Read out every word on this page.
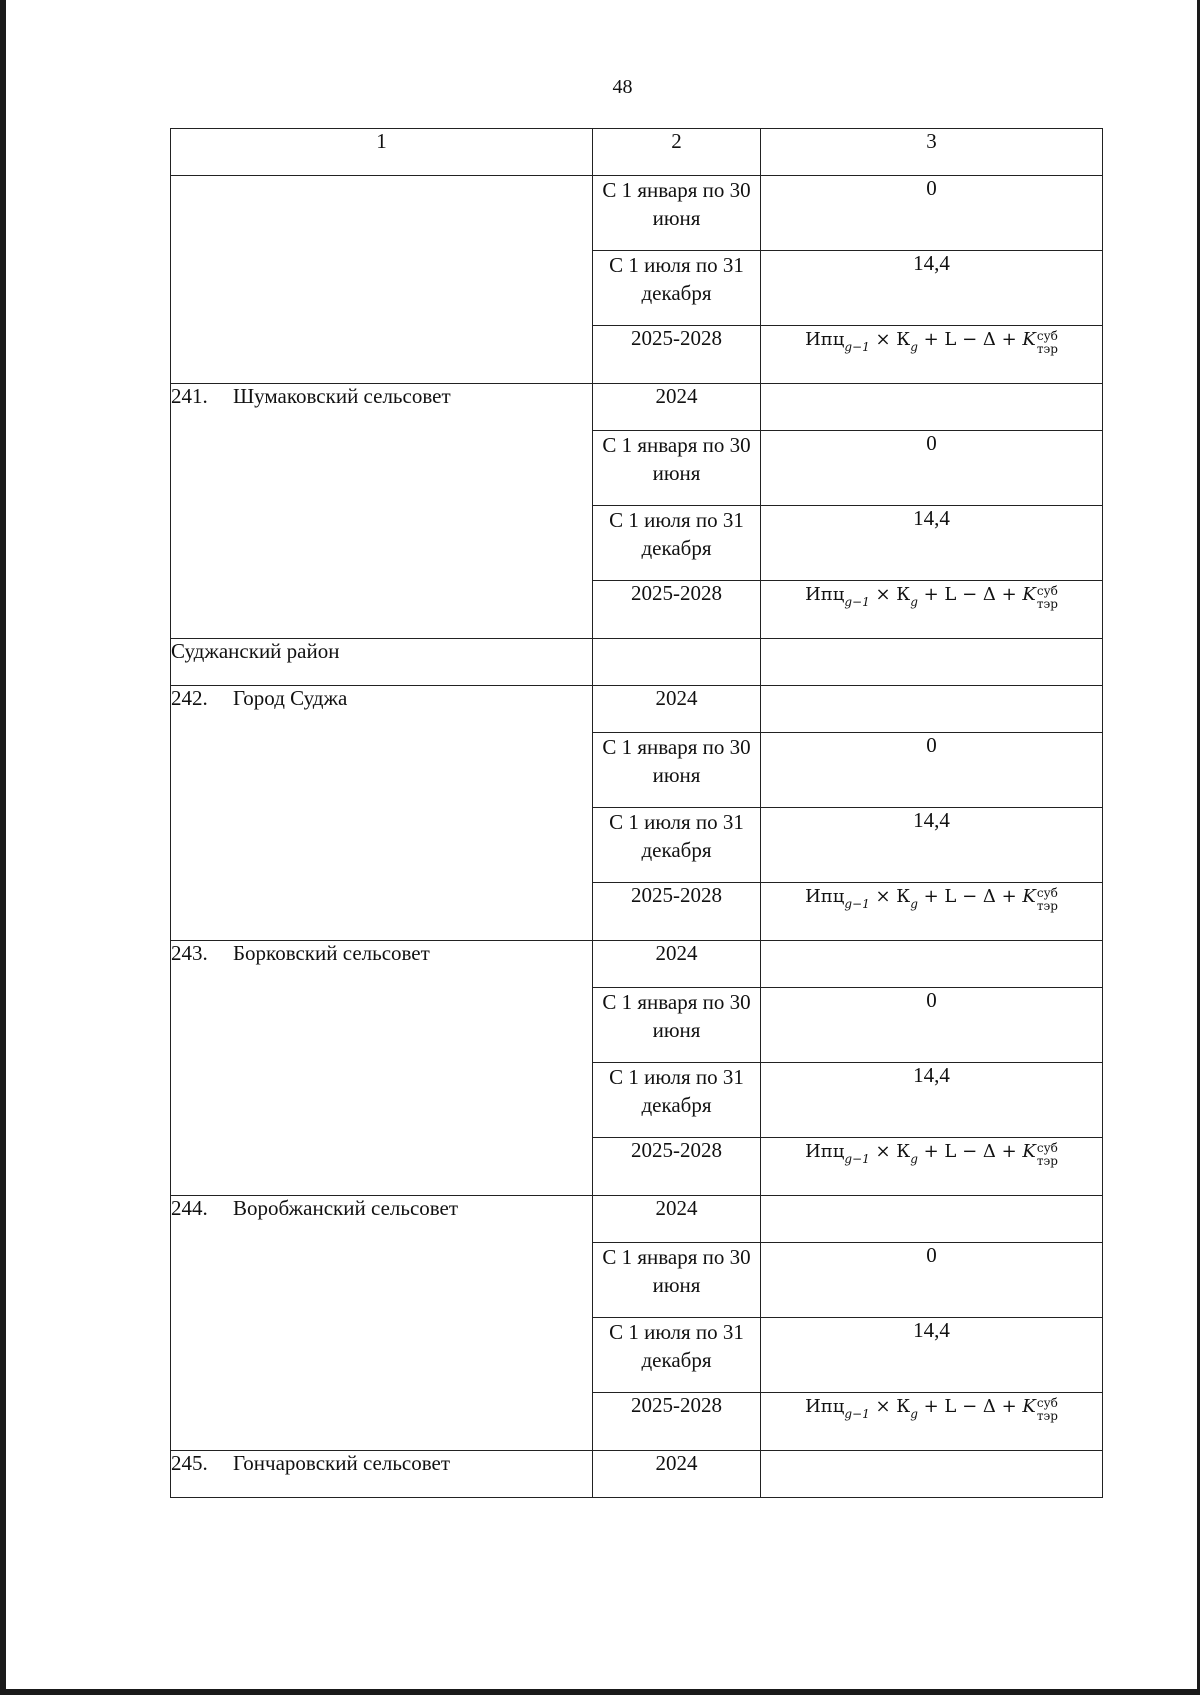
48
1	2	3
	С 1 января по 30 июня	0
	С 1 июля по 31 декабря	14,4
	2025-2028	$Ипц_{g-1} \times К_g + L - \Delta + K$ суб
тэр

241. Шумаковский сельсовет	2024	
	С 1 января по 30 июня	0
	С 1 июля по 31 декабря	14,4
	2025-2028	$Ипц_{g-1} \times К_g + L - \Delta + K$ суб
тэр

Суджанский район		
242. Город Суджа	2024	
	С 1 января по 30 июня	0
	С 1 июля по 31 декабря	14,4
	2025-2028	$Ипц_{g-1} \times К_g + L - \Delta + K$ суб
тэр

243. Борковский сельсовет	2024	
	С 1 января по 30 июня	0
	С 1 июля по 31 декабря	14,4
	2025-2028	$Ипц_{g-1} \times К_g + L - \Delta + K$ суб
тэр

244. Воробжанский сельсовет	2024	
	С 1 января по 30 июня	0
	С 1 июля по 31 декабря	14,4
	2025-2028	$Ипц_{g-1} \times К_g + L - \Delta + K$ суб
тэр

245. Гончаровский сельсовет	2024	
